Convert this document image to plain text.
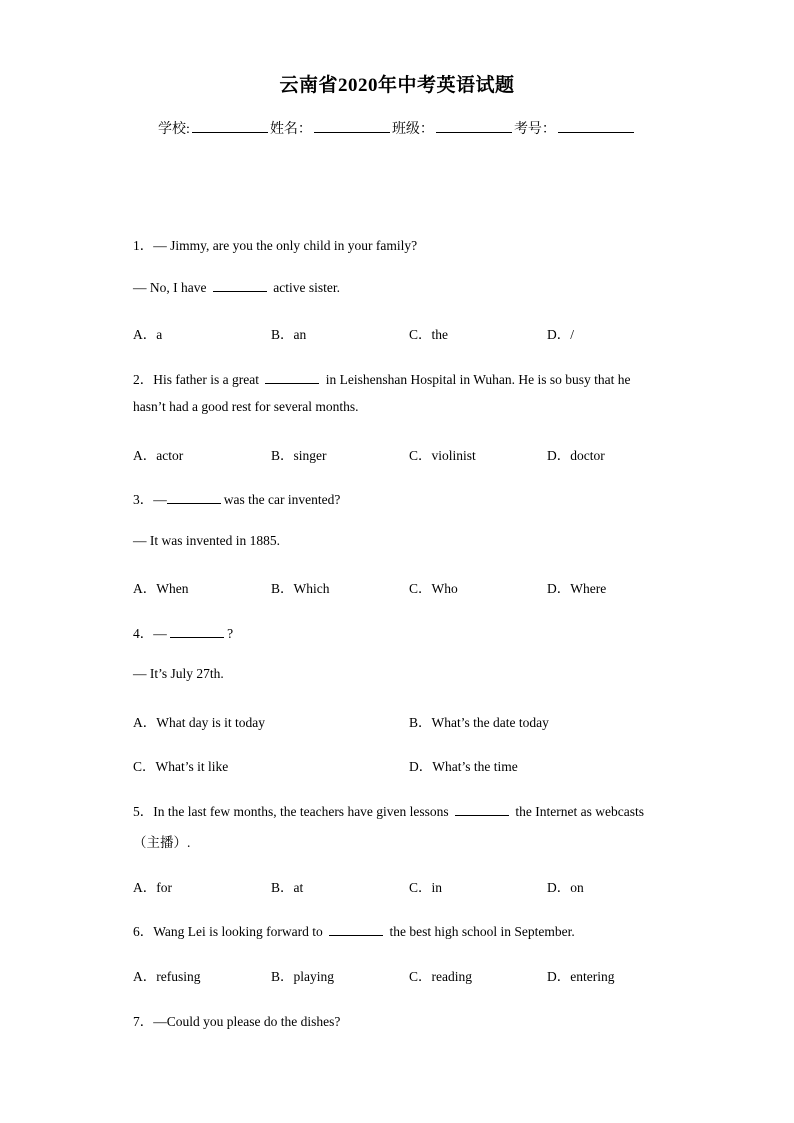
云南省2020年中考英语试题
学校:	姓名：	班级：	考号：
1．— Jimmy, are you the only child in your family?
— No, I have	active sister.
A．a	B．an	C．the	D．/
2．His father is a great	in Leishenshan Hospital in Wuhan. He is so busy that he
hasn’t had a good rest for several months.
A．actor	B．singer	C．violinist	D．doctor
3．—	was the car invented?
— It was invented in 1885.
A．When	B．Which	C．Who	D．Where
4．—	?
— It’s July 27th.
A．What day is it today	B．What’s the date today
C．What’s it like	D．What’s the time
5．In the last few months, the teachers have given lessons	the Internet as webcasts
（主播）.
A．for	B．at	C．in	D．on
6．Wang Lei is looking forward to	the best high school in September.
A．refusing	B．playing	C．reading	D．entering
7．—Could you please do the dishes?
